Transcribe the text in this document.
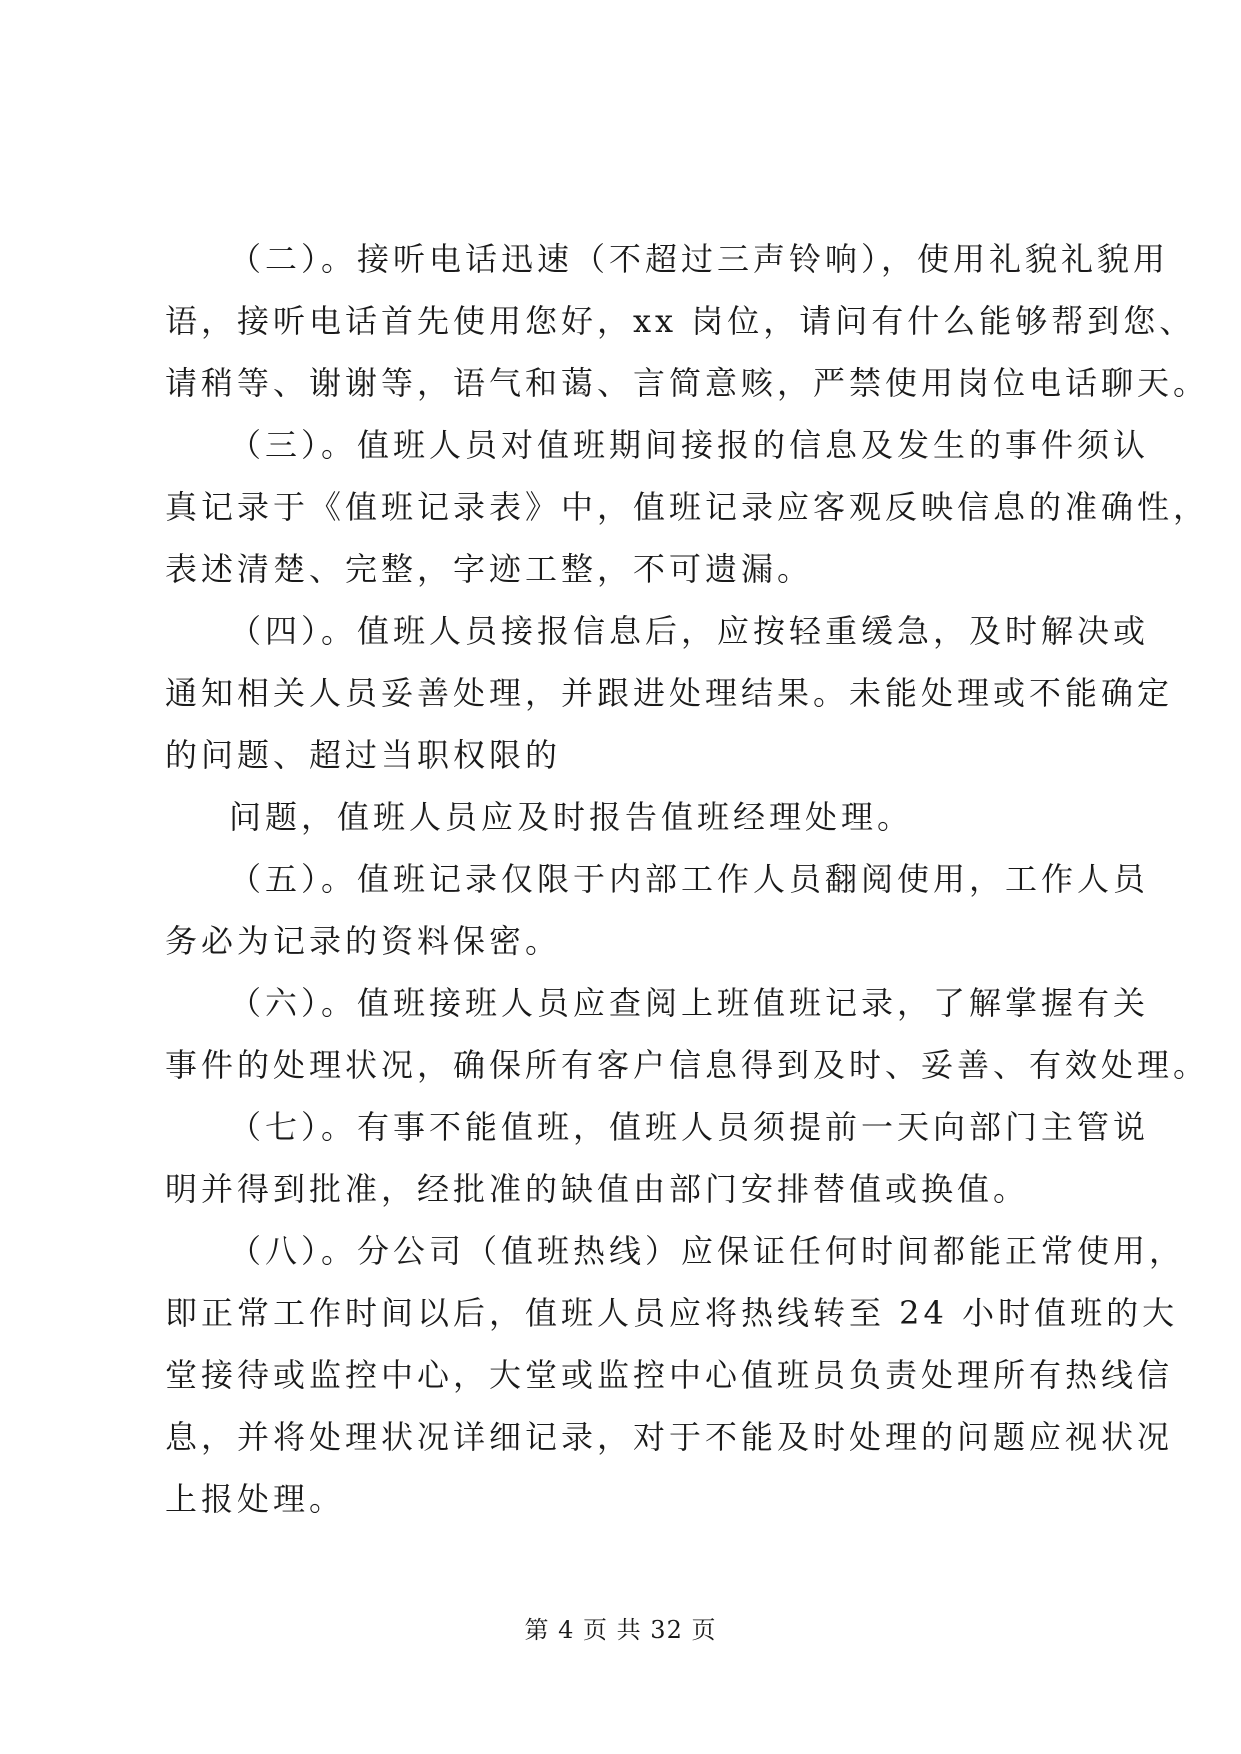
（二）。接听电话迅速（不超过三声铃响），使用礼貌礼貌用
语，接听电话首先使用您好，xx 岗位，请问有什么能够帮到您、
请稍等、谢谢等，语气和蔼、言简意赅，严禁使用岗位电话聊天。
（三）。值班人员对值班期间接报的信息及发生的事件须认
真记录于《值班记录表》中，值班记录应客观反映信息的准确性，
表述清楚、完整，字迹工整，不可遗漏。
（四）。值班人员接报信息后，应按轻重缓急，及时解决或
通知相关人员妥善处理，并跟进处理结果。未能处理或不能确定
的问题、超过当职权限的
问题，值班人员应及时报告值班经理处理。
（五）。值班记录仅限于内部工作人员翻阅使用，工作人员
务必为记录的资料保密。
（六）。值班接班人员应查阅上班值班记录，了解掌握有关
事件的处理状况，确保所有客户信息得到及时、妥善、有效处理。
（七）。有事不能值班，值班人员须提前一天向部门主管说
明并得到批准，经批准的缺值由部门安排替值或换值。
（八）。分公司（值班热线）应保证任何时间都能正常使用，
即正常工作时间以后，值班人员应将热线转至 24 小时值班的大
堂接待或监控中心，大堂或监控中心值班员负责处理所有热线信
息，并将处理状况详细记录，对于不能及时处理的问题应视状况
上报处理。
第 4 页 共 32 页
